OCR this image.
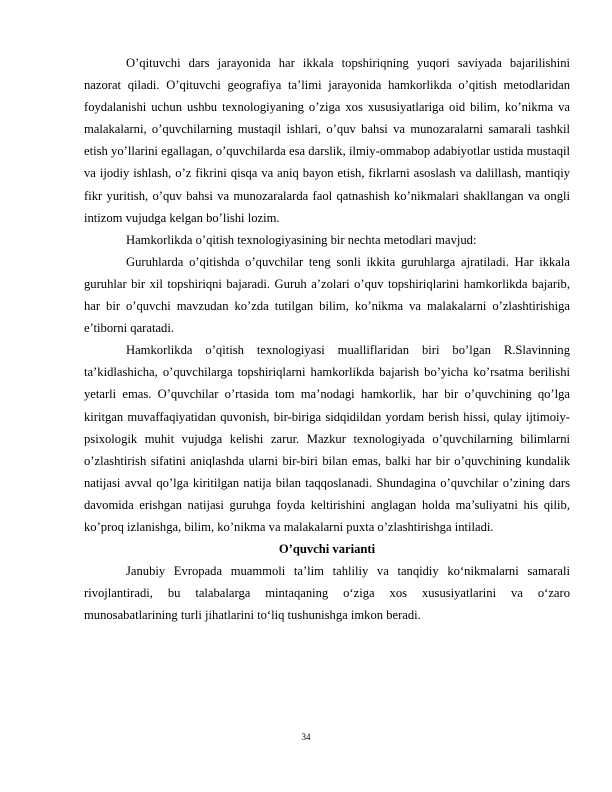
O’qituvchi dars jarayonida har ikkala topshiriqning yuqori saviyada bajarilishini nazorat qiladi. O’qituvchi geografiya ta’limi jarayonida hamkorlikda o’qitish metodlaridan foydalanishi uchun ushbu texnologiyaning o’ziga xos xususiyatlariga oid bilim, ko’nikma va malakalarni, o’quvchilarning mustaqil ishlari, o’quv bahsi va munozaralarni samarali tashkil etish yo’llarini egallagan, o’quvchilarda esa darslik, ilmiy-ommabop adabiyotlar ustida mustaqil va ijodiy ishlash, o’z fikrini qisqa va aniq bayon etish, fikrlarni asoslash va dalillash, mantiqiy fikr yuritish, o’quv bahsi va munozaralarda faol qatnashish ko’nikmalari shakllangan va ongli intizom vujudga kelgan bo’lishi lozim.

Hamkorlikda o’qitish texnologiyasining bir nechta metodlari mavjud:

Guruhlarda o’qitishda o’quvchilar teng sonli ikkita guruhlarga ajratiladi. Har ikkala guruhlar bir xil topshiriqni bajaradi. Guruh a’zolari o’quv topshiriqlarini hamkorlikda bajarib, har bir o’quvchi mavzudan ko’zda tutilgan bilim, ko’nikma va malakalarni o’zlashtirishiga e’tiborni qaratadi.

Hamkorlikda o’qitish texnologiyasi mualliflaridan biri bo’lgan R.Slavinning ta’kidlashicha, o’quvchilarga topshiriqlarni hamkorlikda bajarish bo’yicha ko’rsatma berilishi yetarli emas. O’quvchilar o’rtasida tom ma’nodagi hamkorlik, har bir o’quvchining qo’lga kiritgan muvaffaqiyatidan quvonish, bir-biriga sidqidildan yordam berish hissi, qulay ijtimoiy-psixologik muhit vujudga kelishi zarur. Mazkur texnologiyada o’quvchilarning bilimlarni o’zlashtirish sifatini aniqlashda ularni bir-biri bilan emas, balki har bir o’quvchining kundalik natijasi avval qo’lga kiritilgan natija bilan taqqoslanadi. Shundagina o’quvchilar o’zining dars davomida erishgan natijasi guruhga foyda keltirishini anglagan holda ma’suliyatni his qilib, ko’proq izlanishga, bilim, ko’nikma va malakalarni puxta o’zlashtirishga intiladi.

O’quvchi varianti

Janubiy Evropada muammoli ta’lim tahliliy va tanqidiy ko‘nikmalarni samarali rivojlantiradi, bu talabalarga mintaqaning o‘ziga xos xususiyatlarini va o‘zaro munosabatlarining turli jihatlarini to‘liq tushunishga imkon beradi.

34
